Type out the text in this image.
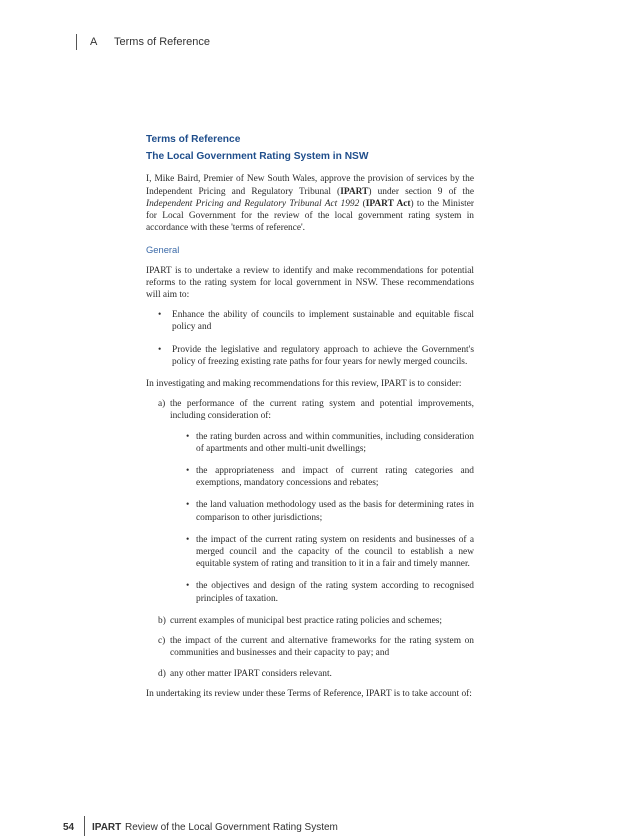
A Terms of Reference
Terms of Reference
The Local Government Rating System in NSW

I, Mike Baird, Premier of New South Wales, approve the provision of services by the Independent Pricing and Regulatory Tribunal (IPART) under section 9 of the Independent Pricing and Regulatory Tribunal Act 1992 (IPART Act) to the Minister for Local Government for the review of the local government rating system in accordance with these 'terms of reference'.

General

IPART is to undertake a review to identify and make recommendations for potential reforms to the rating system for local government in NSW. These recommendations will aim to:

• Enhance the ability of councils to implement sustainable and equitable fiscal policy and
• Provide the legislative and regulatory approach to achieve the Government's policy of freezing existing rate paths for four years for newly merged councils.

In investigating and making recommendations for this review, IPART is to consider:

a) the performance of the current rating system and potential improvements, including consideration of:
• the rating burden across and within communities, including consideration of apartments and other multi-unit dwellings;
• the appropriateness and impact of current rating categories and exemptions, mandatory concessions and rebates;
• the land valuation methodology used as the basis for determining rates in comparison to other jurisdictions;
• the impact of the current rating system on residents and businesses of a merged council and the capacity of the council to establish a new equitable system of rating and transition to it in a fair and timely manner.
• the objectives and design of the rating system according to recognised principles of taxation.
b) current examples of municipal best practice rating policies and schemes;
c) the impact of the current and alternative frameworks for the rating system on communities and businesses and their capacity to pay; and
d) any other matter IPART considers relevant.

In undertaking its review under these Terms of Reference, IPART is to take account of:

54 IPART Review of the Local Government Rating System
